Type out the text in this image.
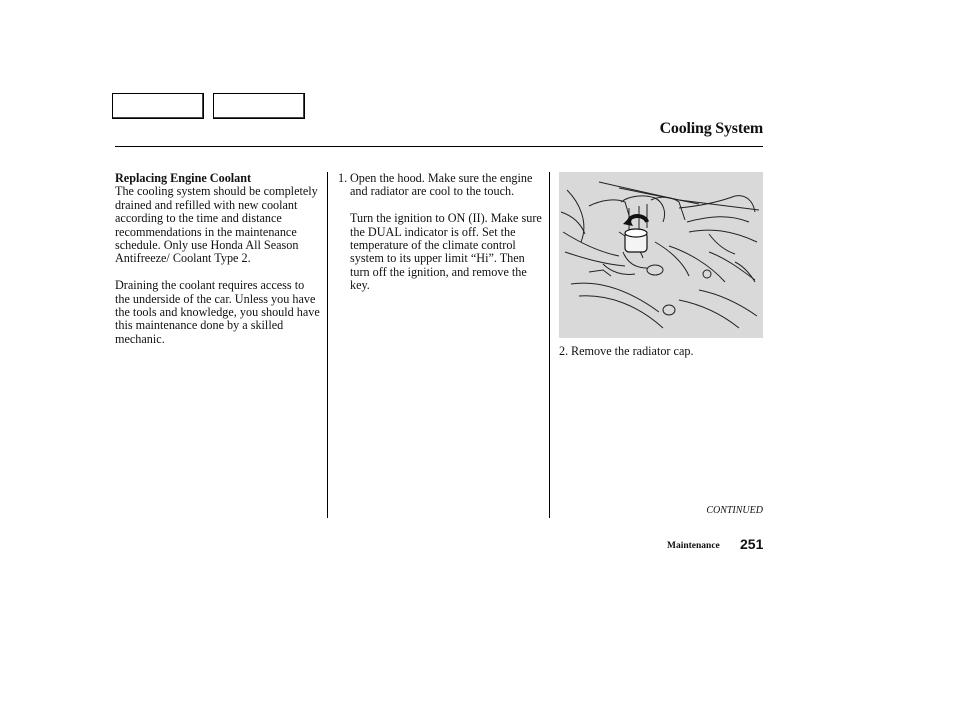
Cooling System

Replacing Engine Coolant
The cooling system should be completely drained and refilled with new coolant according to the time and distance recommendations in the maintenance schedule. Only use Honda All Season Antifreeze/ Coolant Type 2.

Draining the coolant requires access to the underside of the car. Unless you have the tools and knowledge, you should have this maintenance done by a skilled mechanic.

1. Open the hood. Make sure the engine and radiator are cool to the touch.

Turn the ignition to ON (II). Make sure the DUAL indicator is off. Set the temperature of the climate control system to its upper limit “Hi”. Then turn off the ignition, and remove the key.

2. Remove the radiator cap.
CONTINUED
Maintenance 251
